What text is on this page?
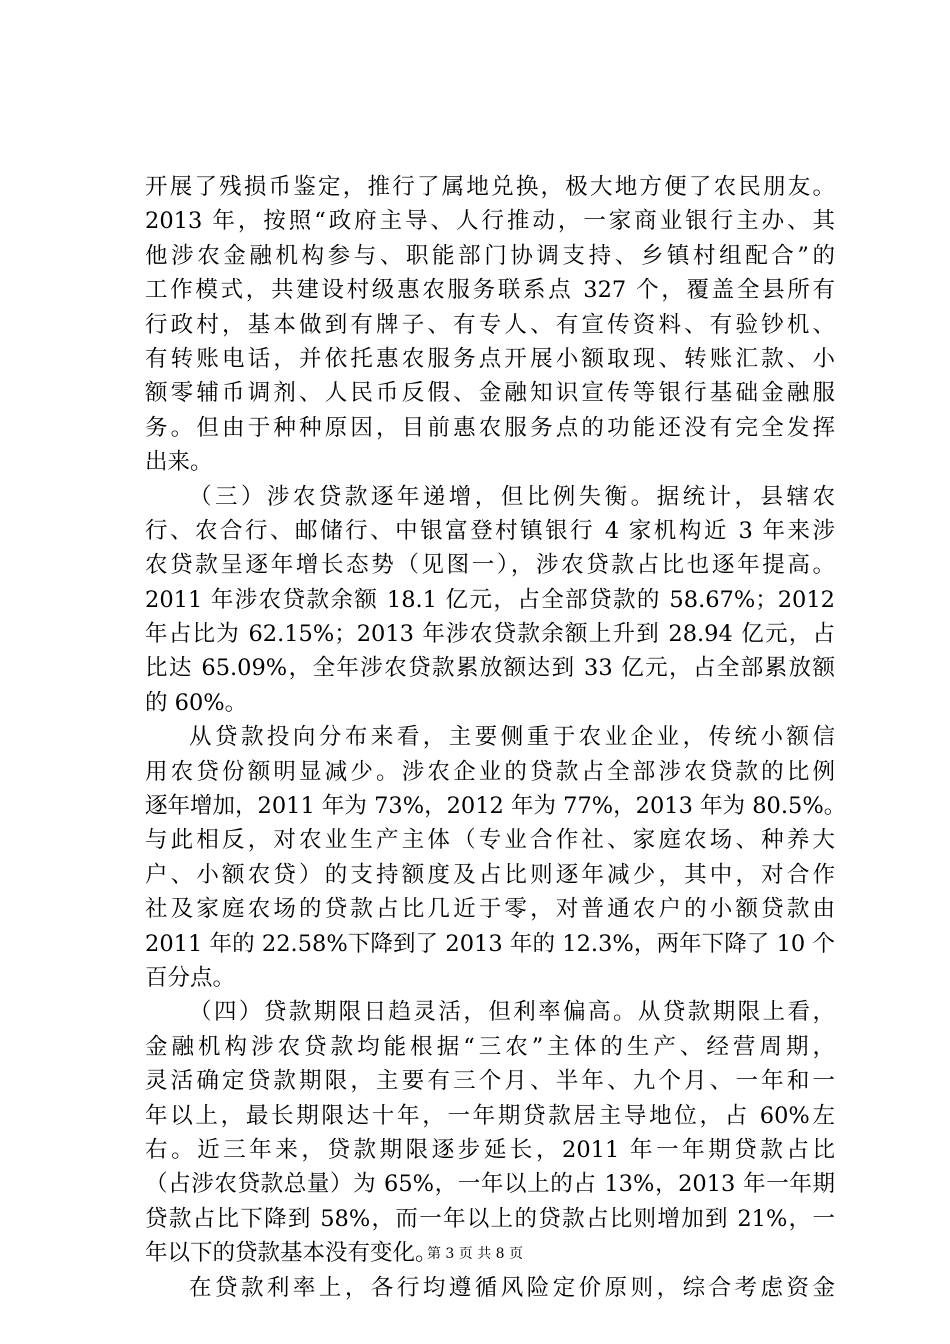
开展了残损币鉴定，推行了属地兑换，极大地方便了农民朋友。
2013 年，按照“政府主导、人行推动，一家商业银行主办、其
他涉农金融机构参与、职能部门协调支持、乡镇村组配合”的
工作模式，共建设村级惠农服务联系点 327 个，覆盖全县所有
行政村，基本做到有牌子、有专人、有宣传资料、有验钞机、
有转账电话，并依托惠农服务点开展小额取现、转账汇款、小
额零辅币调剂、人民币反假、金融知识宣传等银行基础金融服
务。但由于种种原因，目前惠农服务点的功能还没有完全发挥
出来。
（三）涉农贷款逐年递增，但比例失衡。据统计，县辖农
行、农合行、邮储行、中银富登村镇银行 4 家机构近 3 年来涉
农贷款呈逐年增长态势（见图一），涉农贷款占比也逐年提高。
2011 年涉农贷款余额 18.1 亿元，占全部贷款的 58.67%；2012
年占比为 62.15%；2013 年涉农贷款余额上升到 28.94 亿元，占
比达 65.09%，全年涉农贷款累放额达到 33 亿元，占全部累放额
的 60%。
从贷款投向分布来看，主要侧重于农业企业，传统小额信
用农贷份额明显减少。涉农企业的贷款占全部涉农贷款的比例
逐年增加，2011 年为 73%，2012 年为 77%，2013 年为 80.5%。
与此相反，对农业生产主体（专业合作社、家庭农场、种养大
户、小额农贷）的支持额度及占比则逐年减少，其中，对合作
社及家庭农场的贷款占比几近于零，对普通农户的小额贷款由
2011 年的 22.58%下降到了 2013 年的 12.3%，两年下降了 10 个
百分点。
（四）贷款期限日趋灵活，但利率偏高。从贷款期限上看，
金融机构涉农贷款均能根据“三农”主体的生产、经营周期，
灵活确定贷款期限，主要有三个月、半年、九个月、一年和一
年以上，最长期限达十年，一年期贷款居主导地位，占 60%左
右。近三年来，贷款期限逐步延长，2011 年一年期贷款占比
（占涉农贷款总量）为 65%，一年以上的占 13%，2013 年一年期
贷款占比下降到 58%，而一年以上的贷款占比则增加到 21%，一
年以下的贷款基本没有变化。
在贷款利率上，各行均遵循风险定价原则，综合考虑资金
第 3 页 共 8 页
